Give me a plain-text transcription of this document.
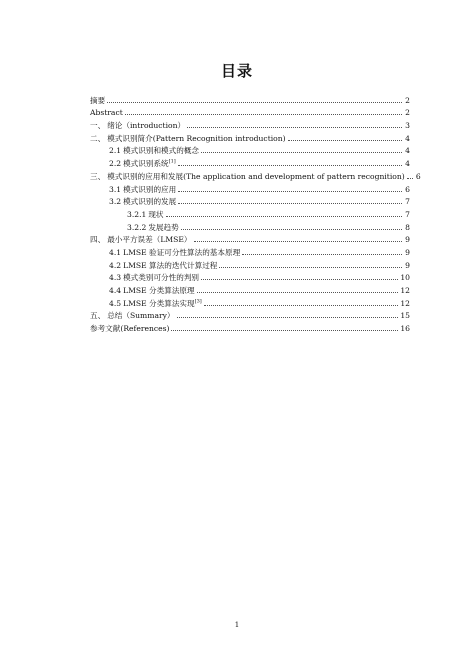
目录
摘要	2
Abstract	2
一、 绪论（introduction）	3
二、 模式识别简介(Pattern Recognition introduction)	4
2.1 模式识别和模式的概念	4
2.2 模式识别系统[1]	4
三、 模式识别的应用和发展(The application and development of pattern recognition) 6
3.1 模式识别的应用	6
3.2 模式识别的发展	7
3.2.1 现状	7
3.2.2 发展趋势	8
四、 最小平方误差（LMSE）	9
4.1 LMSE 验证可分性算法的基本原理	9
4.2 LMSE 算法的迭代计算过程	9
4.3 模式类别可分性的判别	10
4.4 LMSE 分类算法原理	12
4.5 LMSE 分类算法实现[3]	12
五、 总结（Summary）	15
参考文献(References)	16
1
